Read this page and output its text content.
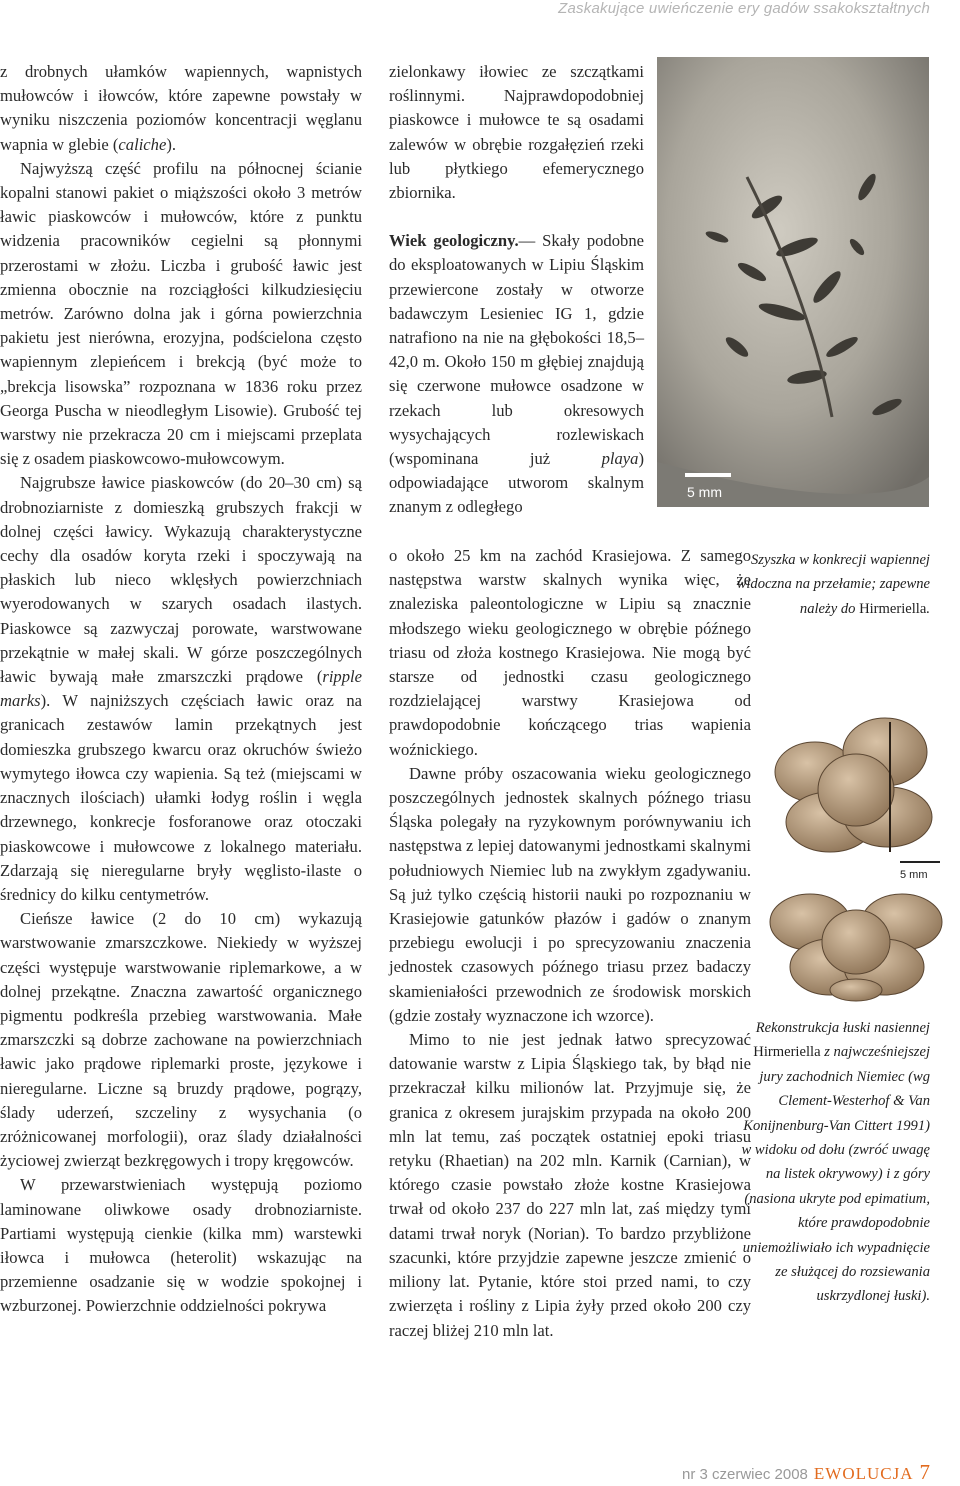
Zaskakujące uwieńczenie ery gadów ssakokształtnych

z drobnych ułamków wapiennych, wapnistych mułowców i iłowców, które zapewne powstały w wyniku niszczenia poziomów koncentracji węglanu wapnia w glebie (caliche).

Najwyższą część profilu na północnej ścianie kopalni stanowi pakiet o miąższości około 3 metrów ławic piaskowców i mułowców, które z punktu widzenia pracowników cegielni są płonnymi przerostami w złożu. Liczba i grubość ławic jest zmienna obocznie na rozciągłości kilkudziesięciu metrów. Zarówno dolna jak i górna powierzchnia pakietu jest nierówna, erozyjna, podścielona często wapiennym zlepieńcem i brekcją (być może to „brekcja lisowska” rozpoznana w 1836 roku przez Georga Puscha w nieodległym Lisowie). Grubość tej warstwy nie przekracza 20 cm i miejscami przeplata się z osadem piaskowcowo-mułowcowym.

Najgrubsze ławice piaskowców (do 20–30 cm) są drobnoziarniste z domieszką grubszych frakcji w dolnej części ławicy. Wykazują charakterystyczne cechy dla osadów koryta rzeki i spoczywają na płaskich lub nieco wklęsłych powierzchniach wyerodowanych w szarych osadach ilastych. Piaskowce są zazwyczaj porowate, warstwowane przekątnie w małej skali. W górze poszczególnych ławic bywają małe zmarszczki prądowe (ripple marks). W najniższych częściach ławic oraz na granicach zestawów lamin przekątnych jest domieszka grubszego kwarcu oraz okruchów świeżo wymytego iłowca czy wapienia. Są też (miejscami w znacznych ilościach) ułamki łodyg roślin i węgla drzewnego, konkrecje fosforanowe oraz otoczaki piaskowcowe i mułowcowe z lokalnego materiału. Zdarzają się nieregularne bryły węglisto-ilaste o średnicy do kilku centymetrów.

Cieńsze ławice (2 do 10 cm) wykazują warstwowanie zmarszczkowe. Niekiedy w wyższej części występuje warstwowanie riplemarkowe, a w dolnej przekątne. Znaczna zawartość organicznego pigmentu podkreśla przebieg warstwowania. Małe zmarszczki są dobrze zachowane na powierzchniach ławic jako prądowe riplemarki proste, językowe i nieregularne. Liczne są bruzdy prądowe, pogrązy, ślady uderzeń, szczeliny z wysychania (o zróżnicowanej morfologii), oraz ślady działalności życiowej zwierząt bezkręgowych i tropy kręgowców.

W przewarstwieniach występują poziomo laminowane oliwkowe osady drobnoziarniste. Partiami występują cienkie (kilka mm) warstewki iłowca i mułowca (heterolit) wskazując na przemienne osadzanie się w wodzie spokojnej i wzburzonej. Powierzchnie oddzielności pokrywa

zielonkawy iłowiec ze szczątkami roślinnymi. Najprawdopodobniej piaskowce i mułowce te są osadami zalewów w obrębie rozgałęzień rzeki lub płytkiego efemerycznego zbiornika.

Wiek geologiczny.— Skały podobne do eksploatowanych w Lipiu Śląskim przewiercone zostały w otworze badawczym Lesieniec IG 1, gdzie natrafiono na nie na głębokości 18,5–42,0 m. Około 150 m głębiej znajdują się czerwone mułowce osadzone w rzekach lub okresowych wysychających rozlewiskach (wspominana już playa) odpowiadające utworom skalnym znanym z odległego

o około 25 km na zachód Krasiejowa. Z samego następstwa warstw skalnych wynika więc, że znaleziska paleontologiczne w Lipiu są znacznie młodszego wieku geologicznego w obrębie późnego triasu od złoża kostnego Krasiejowa. Nie mogą być starsze od jednostki czasu geologicznego rozdzielającej warstwy Krasiejowa od prawdopodobnie kończącego trias wapienia woźnickiego.

Dawne próby oszacowania wieku geologicznego poszczególnych jednostek skalnych późnego triasu Śląska polegały na ryzykownym porównywaniu ich następstwa z lepiej datowanymi jednostkami skalnymi południowych Niemiec lub na zwykłym zgadywaniu. Są już tylko częścią historii nauki po rozpoznaniu w Krasiejowie gatunków płazów i gadów o znanym przebiegu ewolucji i po sprecyzowaniu znaczenia jednostek czasowych późnego triasu przez badaczy skamieniałości przewodnich ze środowisk morskich (gdzie zostały wyznaczone ich wzorce).

Mimo to nie jest jednak łatwo sprecyzować datowanie warstw z Lipia Śląskiego tak, by błąd nie przekraczał kilku milionów lat. Przyjmuje się, że granica z okresem jurajskim przypada na około 200 mln lat temu, zaś początek ostatniej epoki triasu retyku (Rhaetian) na 202 mln. Karnik (Carnian), w którego czasie powstało złoże kostne Krasiejowa trwał od około 237 do 227 mln lat, zaś między tymi datami trwał noryk (Norian). To bardzo przybliżone szacunki, które przyjdzie zapewne jeszcze zmienić o miliony lat. Pytanie, które stoi przed nami, to czy zwierzęta i rośliny z Lipia żyły przed około 200 czy raczej bliżej 210 mln lat.

5 mm
Szyszka w konkrecji wapiennej widoczna na przełamie; zapewne należy do Hirmeriella.
5 mm
Rekonstrukcja łuski nasiennej Hirmeriella z najwcześniejszej jury zachodnich Niemiec (wg Clement-Westerhof & Van Konijnenburg-Van Cittert 1991) w widoku od dołu (zwróć uwagę na listek okrywowy) i z góry (nasiona ukryte pod epimatium, które prawdopodobnie uniemożliwiało ich wypadnięcie ze służącej do rozsiewania uskrzydlonej łuski).
nr 3 czerwiec 2008 EWOLUCJA 7
